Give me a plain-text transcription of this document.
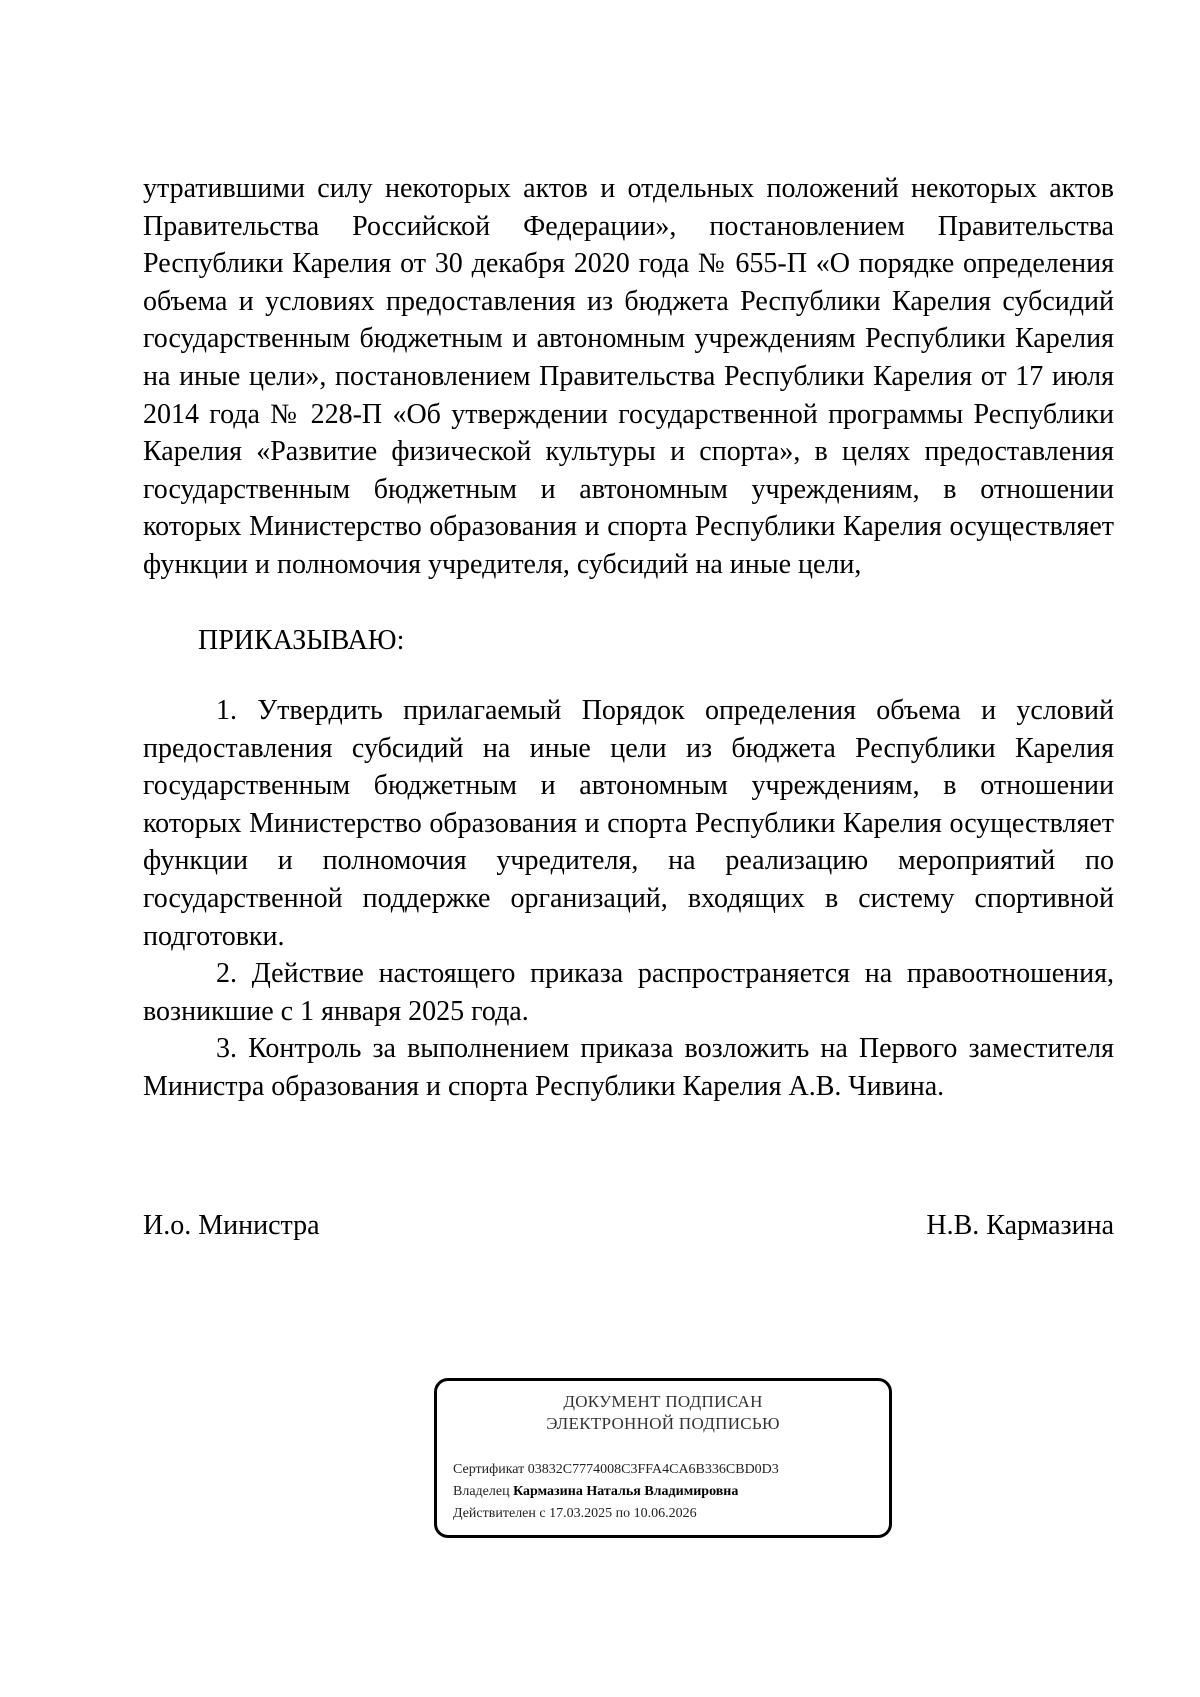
утратившими силу некоторых актов и отдельных положений некоторых актов Правительства Российской Федерации», постановлением Правительства Республики Карелия от 30 декабря 2020 года № 655-П «О порядке определения объема и условиях предоставления из бюджета Республики Карелия субсидий государственным бюджетным и автономным учреждениям Республики Карелия на иные цели», постановлением Правительства Республики Карелия от 17 июля 2014 года № 228-П «Об утверждении государственной программы Республики Карелия «Развитие физической культуры и спорта», в целях предоставления государственным бюджетным и автономным учреждениям, в отношении которых Министерство образования и спорта Республики Карелия осуществляет функции и полномочия учредителя, субсидий на иные цели,

ПРИКАЗЫВАЮ:

1. Утвердить прилагаемый Порядок определения объема и условий предоставления субсидий на иные цели из бюджета Республики Карелия государственным бюджетным и автономным учреждениям, в отношении которых Министерство образования и спорта Республики Карелия осуществляет функции и полномочия учредителя, на реализацию мероприятий по государственной поддержке организаций, входящих в систему спортивной подготовки.

2. Действие настоящего приказа распространяется на правоотношения, возникшие с 1 января 2025 года.

3. Контроль за выполнением приказа возложить на Первого заместителя Министра образования и спорта Республики Карелия А.В. Чивина.

И.о. Министра	Н.В. Кармазина
ДОКУМЕНТ ПОДПИСАН
ЭЛЕКТРОННОЙ ПОДПИСЬЮ
Сертификат 03832C7774008C3FFA4CA6B336CBD0D3
Владелец Кармазина Наталья Владимировна
Действителен с 17.03.2025 по 10.06.2026
